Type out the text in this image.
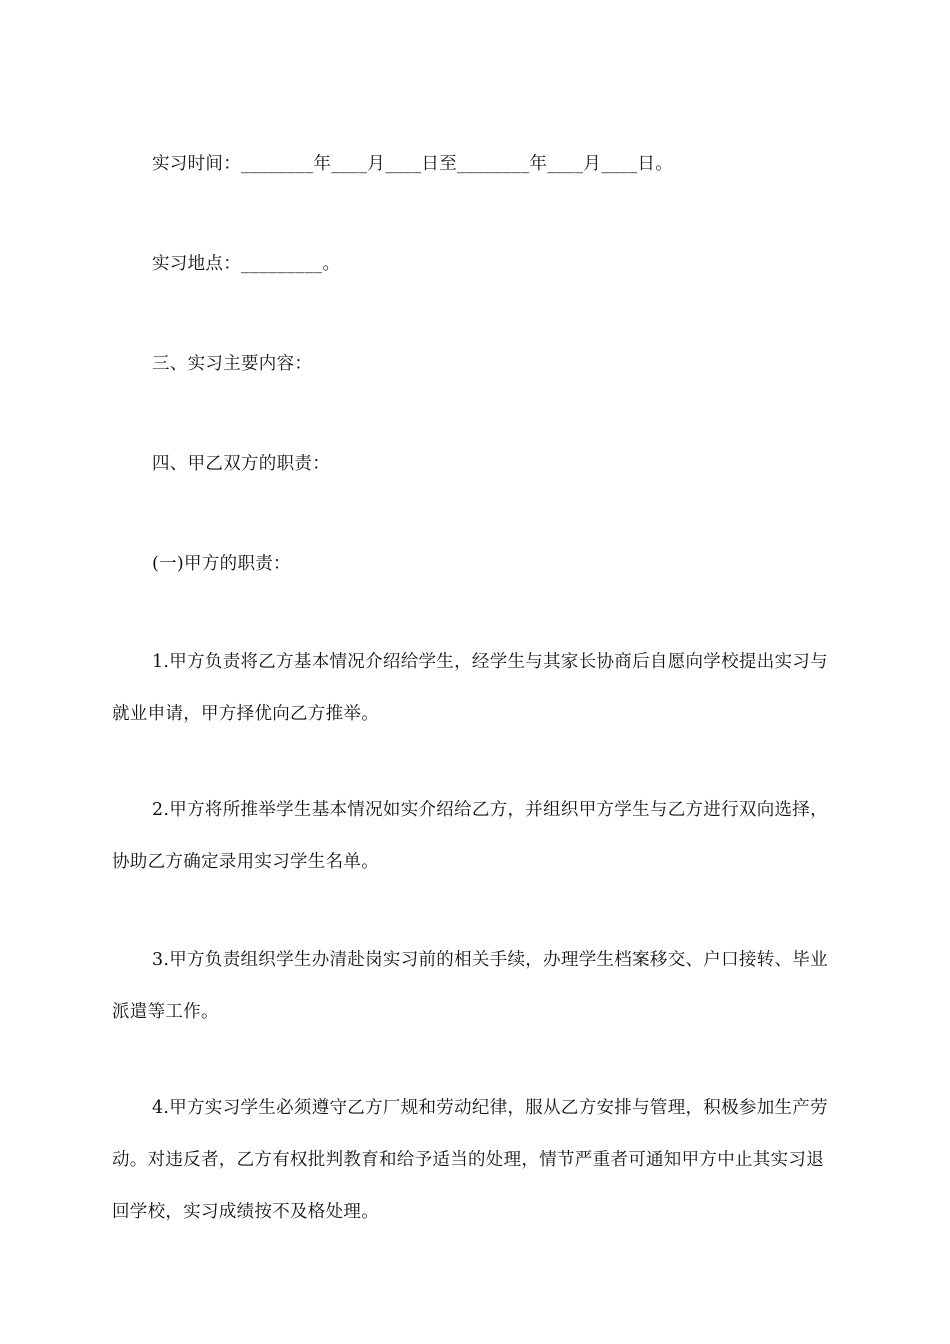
实习时间：________年____月____日至________年____月____日。

实习地点：_________。

三、实习主要内容：

四、甲乙双方的职责：

(一)甲方的职责：

1.甲方负责将乙方基本情况介绍给学生，经学生与其家长协商后自愿向学校提出实习与就业申请，甲方择优向乙方推举。

2.甲方将所推举学生基本情况如实介绍给乙方，并组织甲方学生与乙方进行双向选择，协助乙方确定录用实习学生名单。

3.甲方负责组织学生办清赴岗实习前的相关手续，办理学生档案移交、户口接转、毕业派遣等工作。

4.甲方实习学生必须遵守乙方厂规和劳动纪律，服从乙方安排与管理，积极参加生产劳动。对违反者，乙方有权批判教育和给予适当的处理，情节严重者可通知甲方中止其实习退回学校，实习成绩按不及格处理。
